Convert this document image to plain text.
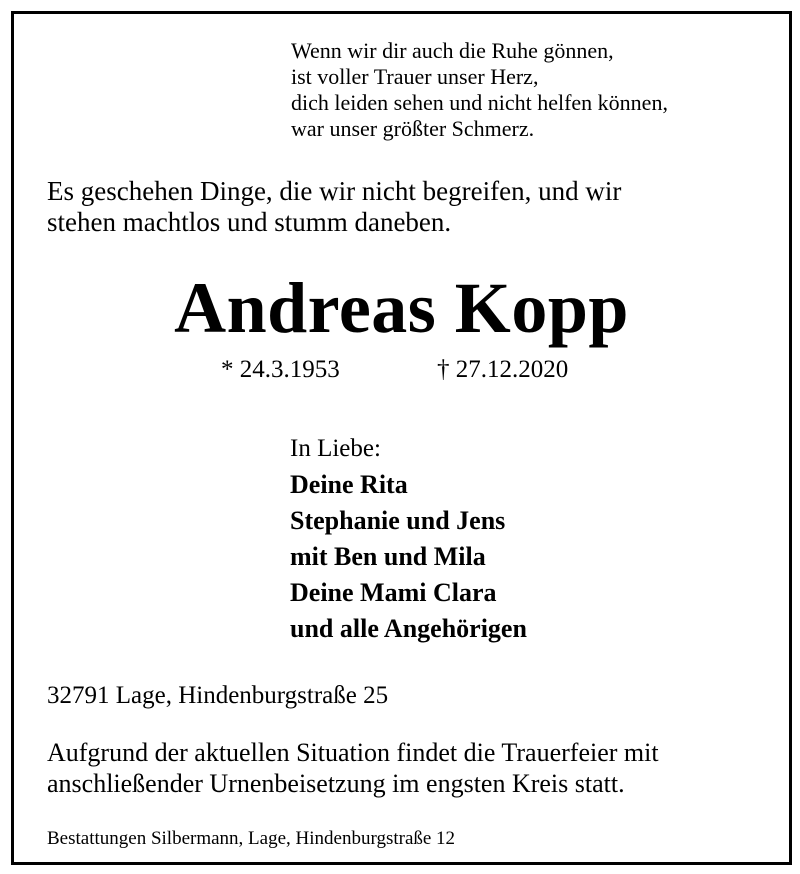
Wenn wir dir auch die Ruhe gönnen,
ist voller Trauer unser Herz,
dich leiden sehen und nicht helfen können,
war unser größter Schmerz.
Es geschehen Dinge, die wir nicht begreifen, und wir
stehen machtlos und stumm daneben.
Andreas Kopp
* 24.3.1953	† 27.12.2020
In Liebe:
Deine Rita
Stephanie und Jens
mit Ben und Mila
Deine Mami Clara
und alle Angehörigen
32791 Lage, Hindenburgstraße 25
Aufgrund der aktuellen Situation findet die Trauerfeier mit
anschließender Urnenbeisetzung im engsten Kreis statt.
Bestattungen Silbermann, Lage, Hindenburgstraße 12
